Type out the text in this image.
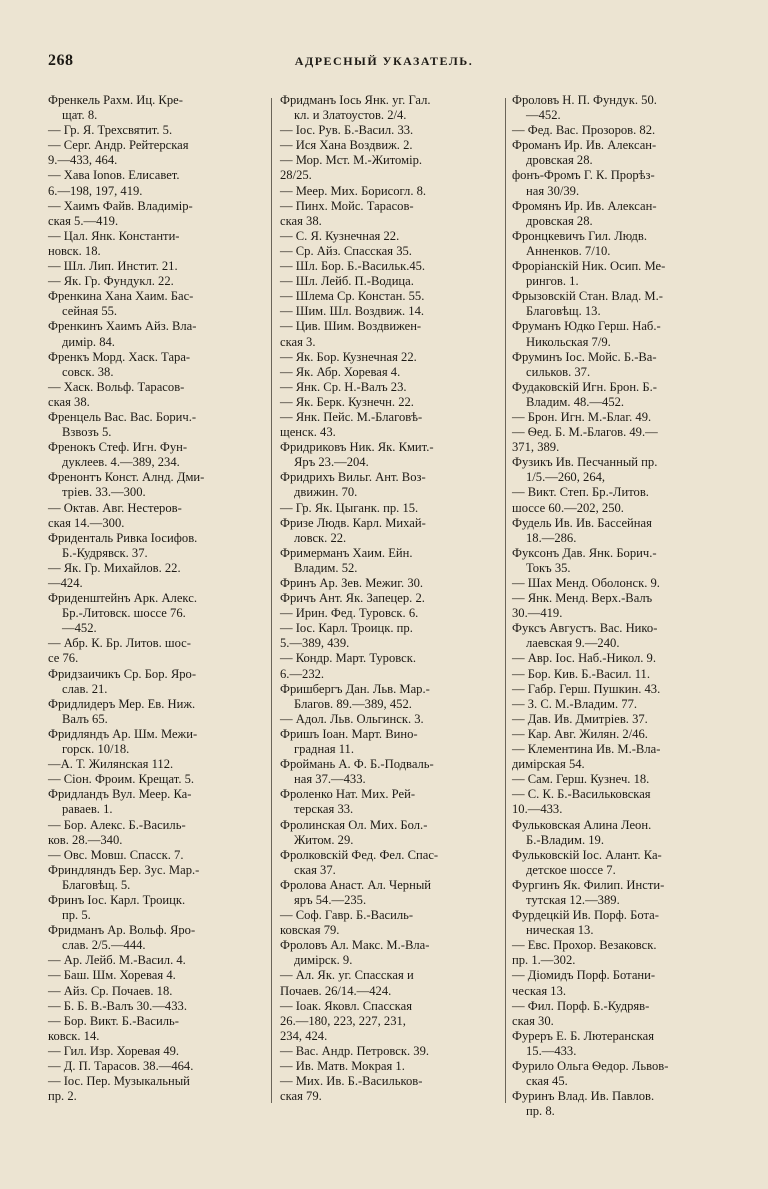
268	АДРЕСНЫЙ УКАЗАТЕЛЬ.
Френкель Рахм. Иц. Кре-
щат. 8.
— Гр. Я. Трехсвятит. 5.
— Серг. Андр. Рейтерская
9.—433, 464.
— Хава Іоnов. Елисавет.
6.—198, 197, 419.
— Хаимъ Файв. Владимір-
ская 5.—419.
— Цал. Янк. Константи-
новск. 18.
— Шл. Лип. Инстит. 21.
— Як. Гр. Фундукл. 22.
Френкина Хана Хаим. Бас-
сейная 55.
Френкинъ Хаимъ Айз. Вла-
димір. 84.
Френкъ Морд. Хаск. Тара-
совск. 38.
— Хаск. Вольф. Тарасов-
ская 38.
Френцель Вас. Вас. Борич.-
Взвозъ 5.
Френокъ Стеф. Игн. Фун-
дуклеев. 4.—389, 234.
Френонтъ Конст. Алнд. Дми-
тріев. 33.—300.
— Октав. Авг. Нестеров-
ская 14.—300.
Фриденталь Ривка Іосифов.
Б.-Кудрявск. 37.
— Як. Гр. Михайлов. 22.
—424.
Фриденштейнъ Арк. Алекс.
Бр.-Литовск. шоссе 76.
—452.
— Абр. К. Бр. Литов. шос-
се 76.
Фридзаичикъ Ср. Бор. Яро-
слав. 21.
Фридлидеръ Мер. Ев. Ниж.
Валъ 65.
Фридляндъ Ар. Шм. Межи-
горск. 10/18.
—А. Т. Жилянская 112.
— Сіон. Фроим. Крещат. 5.
Фридландъ Вул. Меер. Ка-
раваев. 1.
— Бор. Алекс. Б.-Василь-
ков. 28.—340.
— Овс. Мовш. Спасск. 7.
Фриндляндъ Бер. Зус. Мар.-
Благовѣщ. 5.
Фринъ Іос. Карл. Троицк.
пр. 5.
Фридманъ Ар. Вольф. Яро-
слав. 2/5.—444.
— Ар. Лейб. М.-Васил. 4.
— Баш. Шм. Хоревая 4.
— Айз. Ср. Почаев. 18.
— Б. Б. В.-Валъ 30.—433.
— Бор. Викт. Б.-Василь-
ковск. 14.
— Гил. Изр. Хоревая 49.
— Д. П. Тарасов. 38.—464.
— Іос. Пер. Музыкальный
пр. 2.
Фридманъ Іось Янк. уг. Гал.
кл. и Златоустов. 2/4.
— Іос. Рув. Б.-Васил. 33.
— Ися Хана Воздвиж. 2.
— Мор. Мст. М.-Житомір.
28/25.
— Меер. Мих. Борисогл. 8.
— Пинх. Мойс. Тарасов-
ская 38.
— С. Я. Кузнечная 22.
— Ср. Айз. Спасская 35.
— Шл. Бор. Б.-Васильк.45.
— Шл. Лейб. П.-Водица.
— Шлема Ср. Констан. 55.
— Шим. Шл. Воздвиж. 14.
— Цив. Шим. Воздвижен-
ская 3.
— Як. Бор. Кузнечная 22.
— Як. Абр. Хоревая 4.
— Янк. Ср. Н.-Валъ 23.
— Як. Берк. Кузнечн. 22.
— Янк. Пейс. М.-Благовѣ-
щенск. 43.
Фридриковъ Ник. Як. Кмит.-
Яръ 23.—204.
Фридрихъ Вильг. Ант. Воз-
движин. 70.
— Гр. Як. Цыганк. пр. 15.
Фризе Людв. Карл. Михай-
ловск. 22.
Фримерманъ Хаим. Ейн.
Владим. 52.
Фринъ Ар. Зев. Межиг. 30.
Фричъ Ант. Як. Запецер. 2.
— Ирин. Фед. Туровск. 6.
— Іос. Карл. Троицк. пр.
5.—389, 439.
— Кондр. Март. Туровск.
6.—232.
Фришбергъ Дан. Льв. Мар.-
Благов. 89.—389, 452.
— Адол. Льв. Ольгинск. 3.
Фришъ Іоан. Март. Вино-
градная 11.
Фроймань А. Ф. Б.-Подваль-
ная 37.—433.
Фроленко Нат. Мих. Рей-
терская 33.
Фролинская Ол. Мих. Бол.-
Житом. 29.
Фролковскій Фед. Фел. Спас-
ская 37.
Фролова Анаст. Ал. Черный
яръ 54.—235.
— Соф. Гавр. Б.-Василь-
ковская 79.
Фроловъ Ал. Макс. М.-Вла-
димірск. 9.
— Ал. Як. уг. Спасская и
Почаев. 26/14.—424.
— Іоак. Яковл. Спасская
26.—180, 223, 227, 231,
234, 424.
— Вас. Андр. Петровск. 39.
— Ив. Матв. Мокрая 1.
— Мих. Ив. Б.-Васильков-
ская 79.
Фроловъ Н. П. Фундук. 50.
—452.
— Фед. Вас. Прозоров. 82.
Фроманъ Ир. Ив. Алексан-
дровская 28.
фонъ-Фромъ Г. К. Прорѣз-
ная 30/39.
Фромянъ Ир. Ив. Алексан-
дровская 28.
Фронцкевичъ Гил. Людв.
Анненков. 7/10.
Фроріанскій Ник. Осип. Ме-
рингов. 1.
Фрызовскій Стан. Влад. М.-
Благовѣщ. 13.
Фруманъ Юдко Герш. Наб.-
Никольская 7/9.
Фруминъ Іос. Мойс. Б.-Ва-
сильков. 37.
Фудаковскій Игн. Брон. Б.-
Владим. 48.—452.
— Брон. Игн. М.-Благ. 49.
— Ѳед. Б. М.-Благов. 49.—
371, 389.
Фузикъ Ив. Песчанный пр.
1/5.—260, 264,
— Викт. Степ. Бр.-Литов.
шоссе 60.—202, 250.
Фудель Ив. Ив. Бассейная
18.—286.
Фуксонъ Дав. Янк. Борич.-
Токъ 35.
— Шах Менд. Оболонск. 9.
— Янк. Менд. Верх.-Валъ
30.—419.
Фуксъ Августъ. Вас. Нико-
лаевская 9.—240.
— Авр. Іос. Наб.-Никол. 9.
— Бор. Кив. Б.-Васил. 11.
— Габр. Герш. Пушкин. 43.
— З. С. М.-Владим. 77.
— Дав. Ив. Дмитріев. 37.
— Кар. Авг. Жилян. 2/46.
— Клементина Ив. М.-Вла-
димірская 54.
— Сам. Герш. Кузнеч. 18.
— С. К. Б.-Васильковская
10.—433.
Фульковская Алина Леон.
Б.-Владим. 19.
Фульковскій Іос. Алант. Ка-
детское шоссе 7.
Фургинъ Як. Филип. Инсти-
тутская 12.—389.
Фурдецкій Ив. Порф. Бота-
ническая 13.
— Евс. Прохор. Везаковск.
пр. 1.—302.
— Діомидъ Порф. Ботани-
ческая 13.
— Фил. Порф. Б.-Кудряв-
ская 30.
Фуреръ Е. Б. Лютеранская
15.—433.
Фурило Ольга Ѳедор. Львов-
ская 45.
Фуринъ Влад. Ив. Павлов.
пр. 8.
